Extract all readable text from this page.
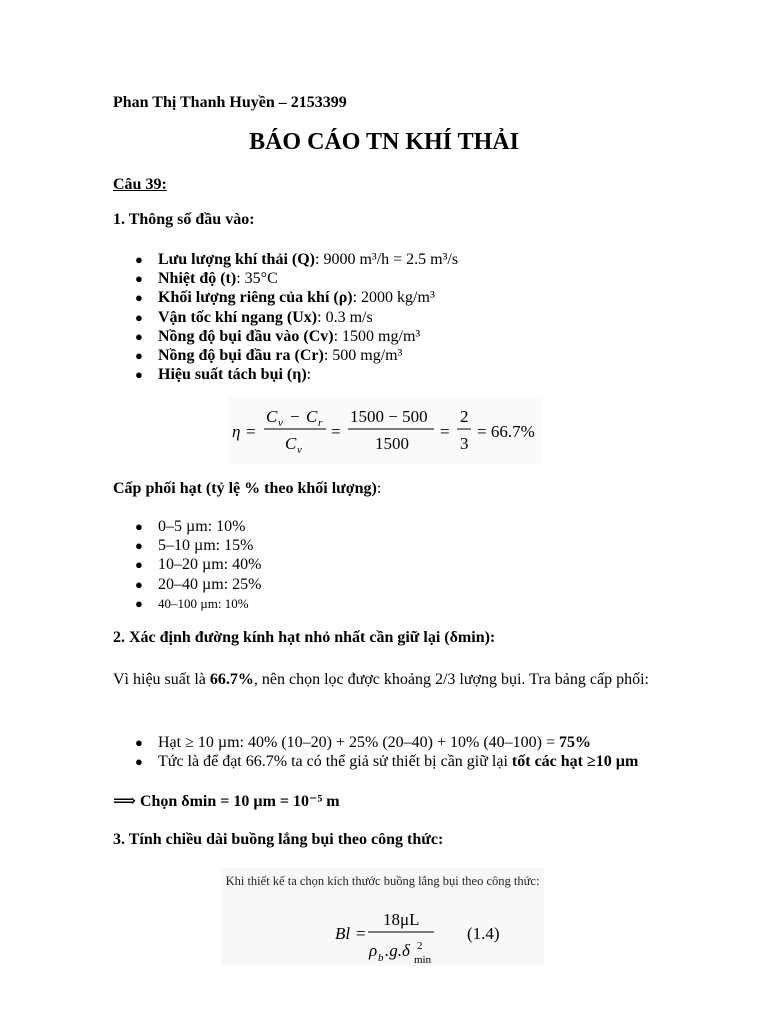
Phan Thị Thanh Huyền – 2153399
BÁO CÁO TN KHÍ THẢI
Câu 39:
1. Thông số đầu vào:
● Lưu lượng khí thải (Q): 9000 m³/h = 2.5 m³/s
● Nhiệt độ (t): 35°C
● Khối lượng riêng của khí (ρ): 2000 kg/m³
● Vận tốc khí ngang (Ux): 0.3 m/s
● Nồng độ bụi đầu vào (Cv): 1500 mg/m³
● Nồng độ bụi đầu ra (Cr): 500 mg/m³
● Hiệu suất tách bụi (η):
η =
C v − C r
C v
=
1500 − 500
1500
=
2
3
= 66.7%
Cấp phối hạt (tỷ lệ % theo khối lượng):
● 0–5 µm: 10%
● 5–10 µm: 15%
● 10–20 µm: 40%
● 20–40 µm: 25%
● 40–100 µm: 10%
2. Xác định đường kính hạt nhỏ nhất cần giữ lại (δmin):
Vì hiệu suất là 66.7%, nên chọn lọc được khoảng 2/3 lượng bụi. Tra bảng cấp phối:
● Hạt ≥ 10 µm: 40% (10–20) + 25% (20–40) + 10% (40–100) = 75%
● Tức là để đạt 66.7% ta có thể giả sử thiết bị cần giữ lại tốt các hạt ≥10 µm
⟹ Chọn δmin = 10 µm = 10⁻⁵ m
3. Tính chiều dài buồng lắng bụi theo công thức:
Khi thiết kế ta chọn kích thước buồng lắng bụi theo công thức:
Bl =
18μL
ρ b .g.δ 2
min
(1.4)
